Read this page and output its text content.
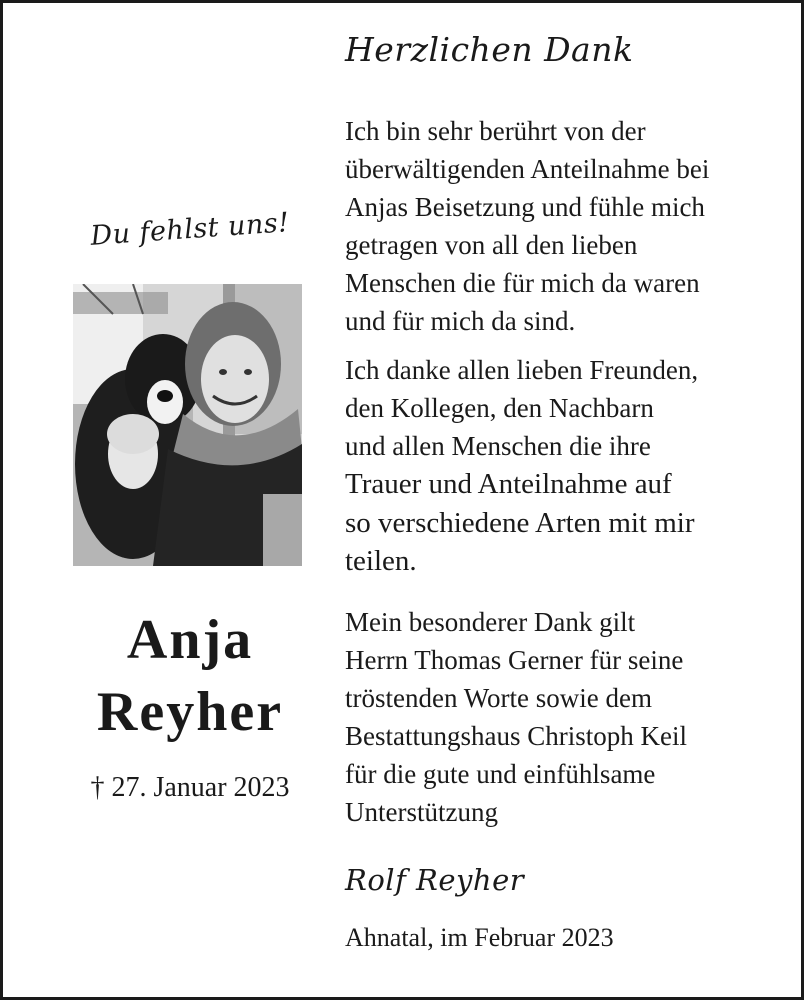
Du fehlst uns!
Anja
Reyher
† 27. Januar 2023
Herzlichen Dank

Ich bin sehr berührt von der
überwältigenden Anteilnahme bei
Anjas Beisetzung und fühle mich
getragen von all den lieben
Menschen die für mich da waren
und für mich da sind.

Ich danke allen lieben Freunden,
den Kollegen, den Nachbarn
und allen Menschen die ihre
Trauer und Anteilnahme auf
so verschiedene Arten mit mir
teilen.

Mein besonderer Dank gilt
Herrn Thomas Gerner für seine
tröstenden Worte sowie dem
Bestattungshaus Christoph Keil
für die gute und einfühlsame
Unterstützung

Rolf Reyher
Ahnatal, im Februar 2023
